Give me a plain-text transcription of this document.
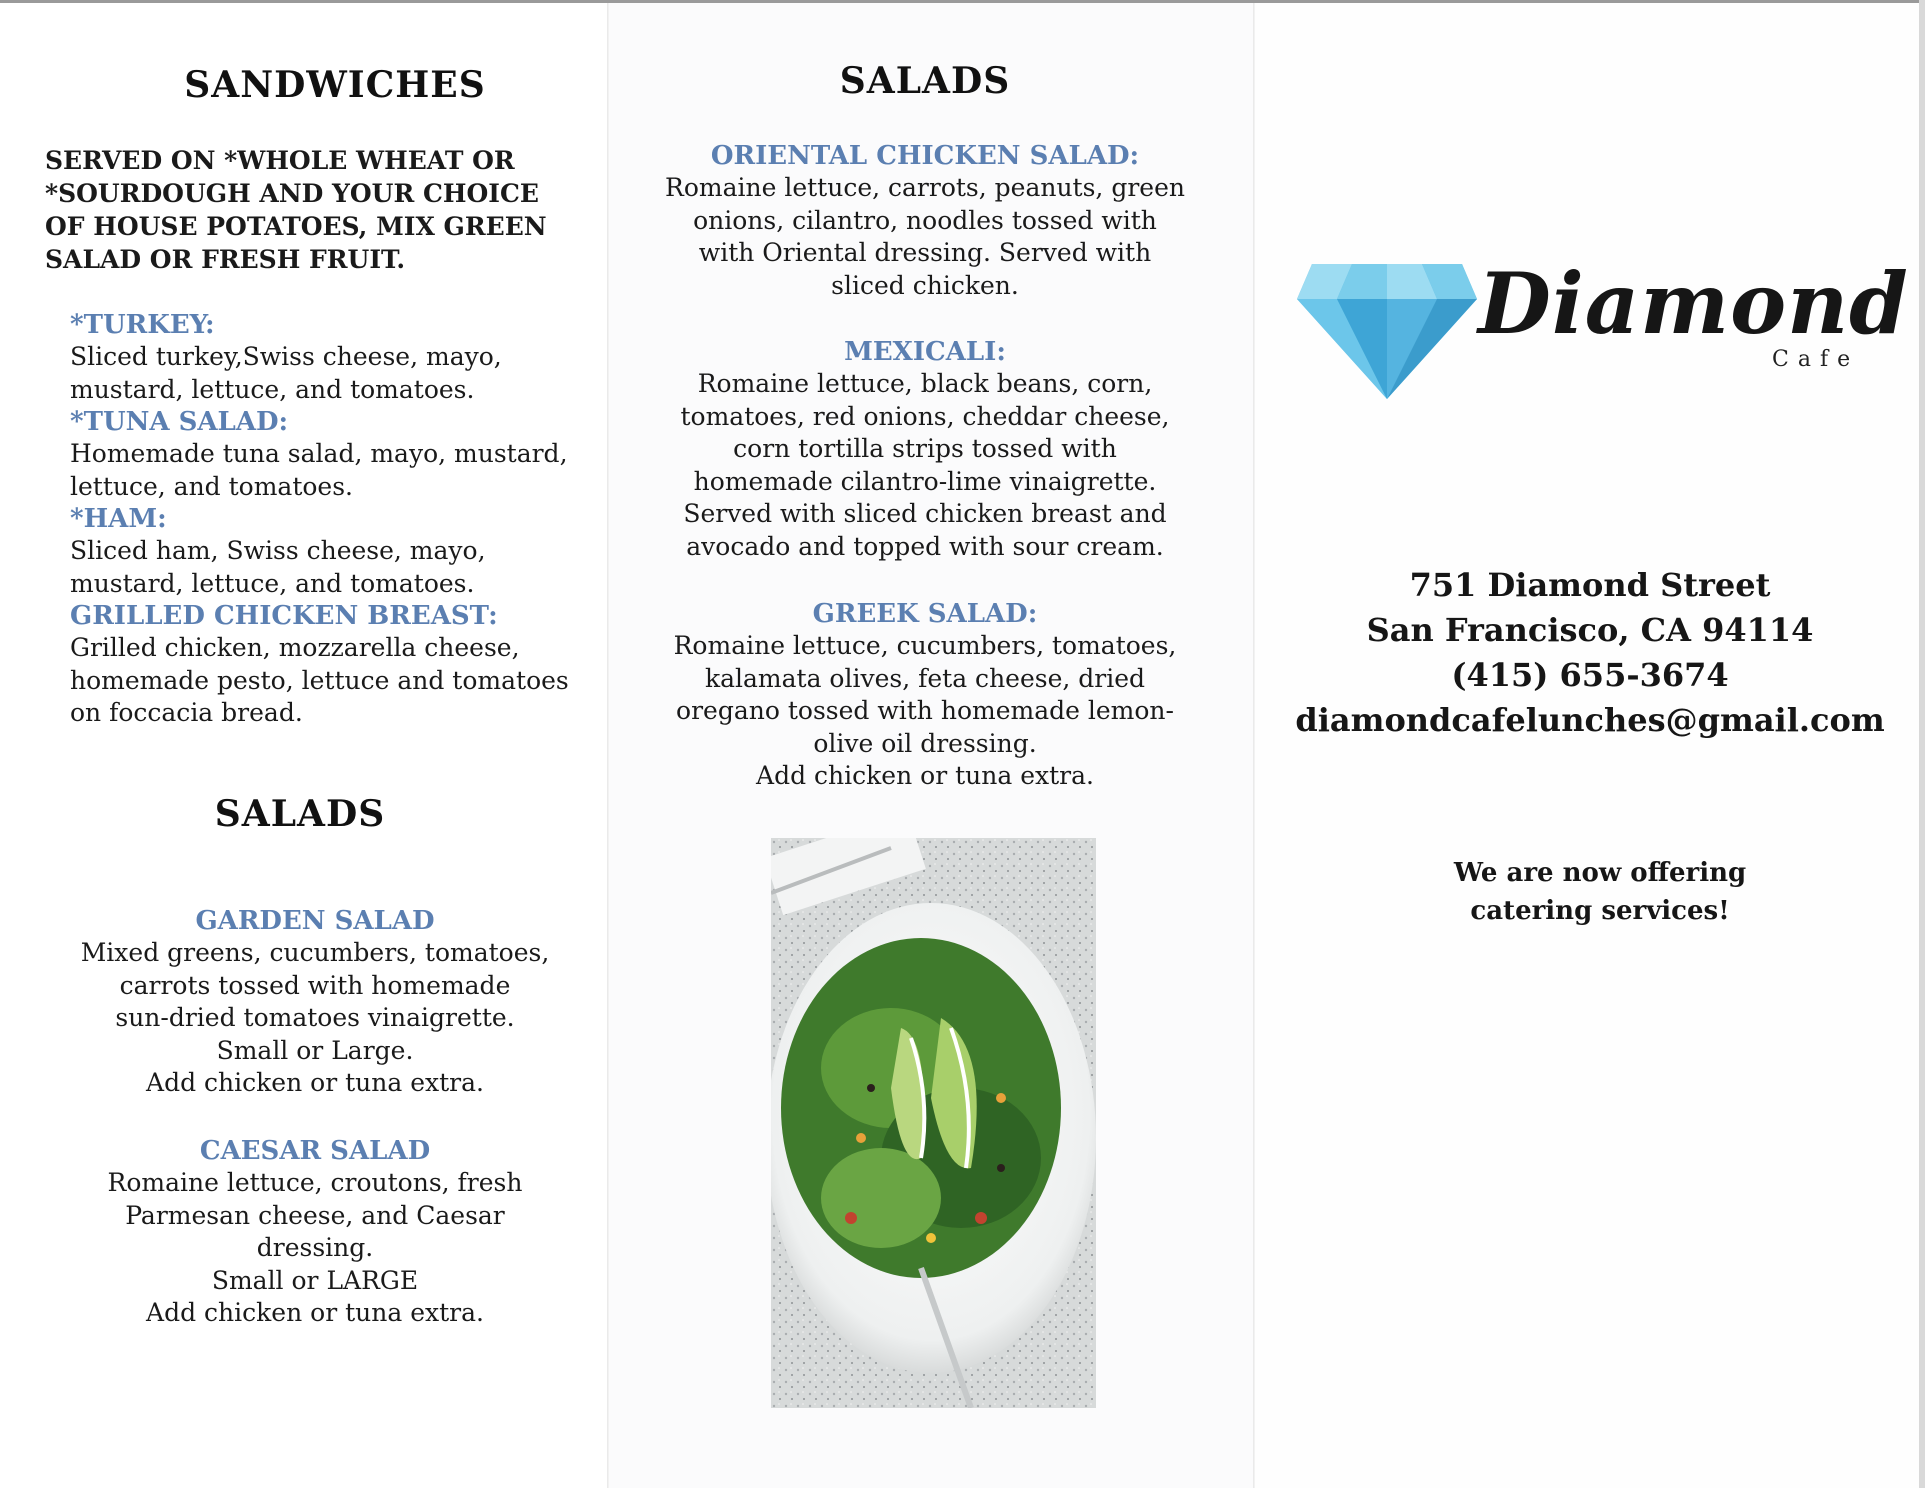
SANDWICHES

SERVED ON *WHOLE WHEAT OR *SOURDOUGH AND YOUR CHOICE OF HOUSE POTATOES, MIX GREEN SALAD OR FRESH FRUIT.

*TURKEY:

Sliced turkey,Swiss cheese, mayo, mustard, lettuce, and tomatoes.

*TUNA SALAD:

Homemade tuna salad, mayo, mustard, lettuce, and tomatoes.

*HAM:

Sliced ham, Swiss cheese, mayo, mustard, lettuce, and tomatoes.

GRILLED CHICKEN BREAST:

Grilled chicken, mozzarella cheese, homemade pesto, lettuce and tomatoes on foccacia bread.

SALADS

GARDEN SALAD

Mixed greens, cucumbers, tomatoes,

carrots tossed with homemade

sun-dried tomatoes vinaigrette.

Small or Large.

Add chicken or tuna extra.

CAESAR SALAD

Romaine lettuce, croutons, fresh

Parmesan cheese, and Caesar

dressing.

Small or LARGE

Add chicken or tuna extra.

SALADS

ORIENTAL CHICKEN SALAD:

Romaine lettuce, carrots, peanuts, green

onions, cilantro, noodles tossed with

with Oriental dressing. Served with

sliced chicken.

MEXICALI:

Romaine lettuce, black beans, corn,

tomatoes, red onions, cheddar cheese,

corn tortilla strips tossed with

homemade cilantro-lime vinaigrette.

Served with sliced chicken breast and

avocado and topped with sour cream.

GREEK SALAD:

Romaine lettuce, cucumbers, tomatoes,

kalamata olives, feta cheese, dried

oregano tossed with homemade lemon-

olive oil dressing.

Add chicken or tuna extra.

Diamond

Cafe

751 Diamond Street
San Francisco, CA 94114
(415) 655-3674
diamondcafelunches@gmail.com
We are now offering
catering services!
